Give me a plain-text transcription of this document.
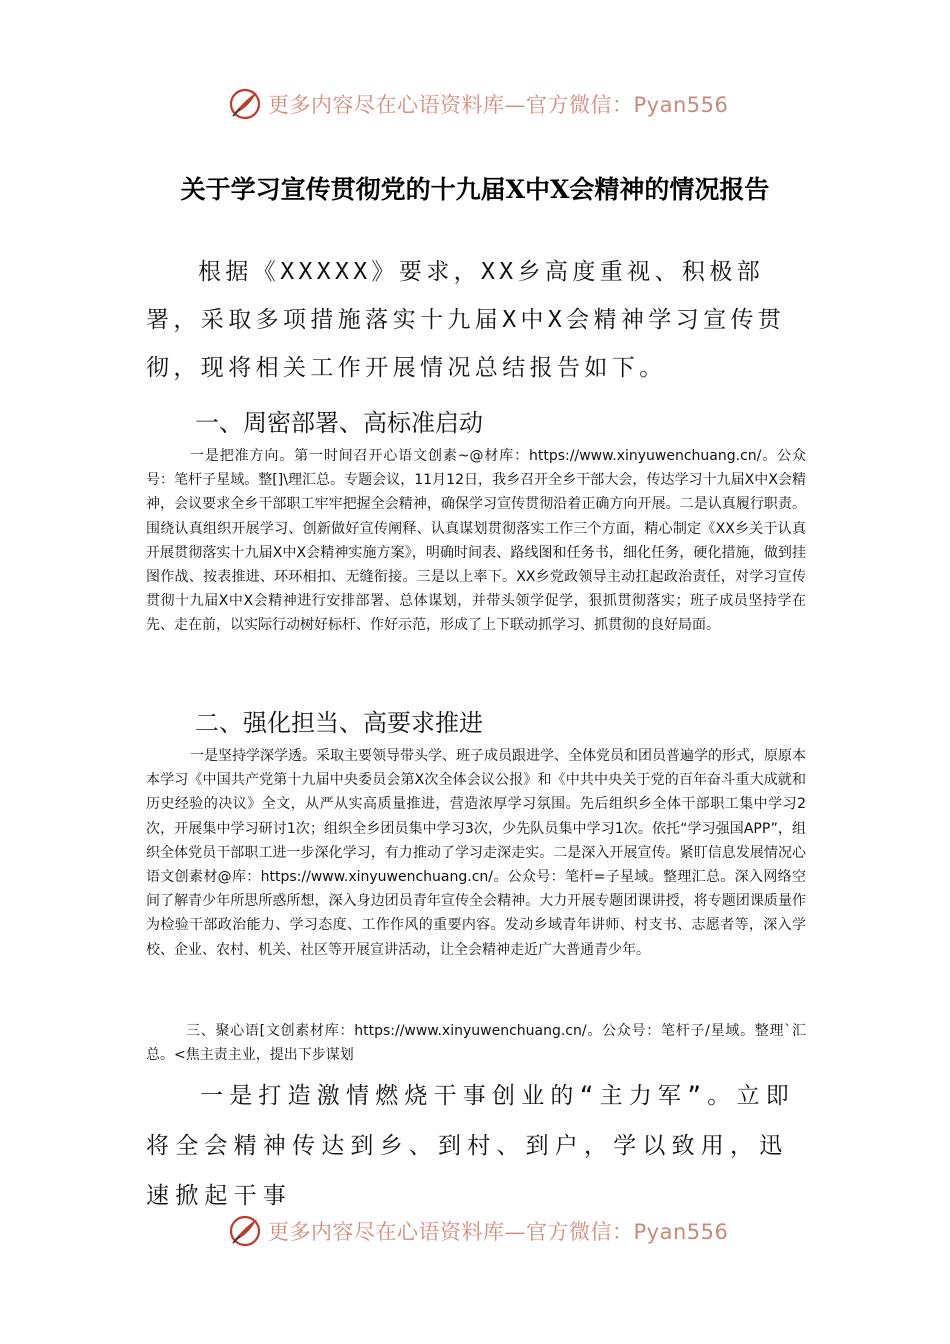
更多内容尽在心语资料库—官方微信：Pyan556
关于学习宣传贯彻党的十九届X中X会精神的情况报告
根据《XXXXX》要求，XX乡高度重视、积极部署，采取多项措施落实十九届X中X会精神学习宣传贯彻，现将相关工作开展情况总结报告如下。
一、周密部署、高标准启动
一是把准方向。第一时间召开心语文创素~@材库：https://www.xinyuwenchuang.cn/。公众号：笔杆子星域。整[]\理汇总。专题会议，11月12日，我乡召开全乡干部大会，传达学习十九届X中X会精神，会议要求全乡干部职工牢牢把握全会精神，确保学习宣传贯彻沿着正确方向开展。二是认真履行职责。围绕认真组织开展学习、创新做好宣传阐释、认真谋划贯彻落实工作三个方面，精心制定《XX乡关于认真开展贯彻落实十九届X中X会精神实施方案》，明确时间表、路线图和任务书，细化任务，硬化措施，做到挂图作战、按表推进、环环相扣、无缝衔接。三是以上率下。XX乡党政领导主动扛起政治责任，对学习宣传贯彻十九届X中X会精神进行安排部署、总体谋划，并带头领学促学，狠抓贯彻落实；班子成员坚持学在先、走在前，以实际行动树好标杆、作好示范，形成了上下联动抓学习、抓贯彻的良好局面。
二、强化担当、高要求推进
一是坚持学深学透。采取主要领导带头学、班子成员跟进学、全体党员和团员普遍学的形式，原原本本学习《中国共产党第十九届中央委员会第X次全体会议公报》和《中共中央关于党的百年奋斗重大成就和历史经验的决议》全文，从严从实高质量推进，营造浓厚学习氛围。先后组织乡全体干部职工集中学习2次，开展集中学习研讨1次；组织全乡团员集中学习3次，少先队员集中学习1次。依托“学习强国APP”，组织全体党员干部职工进一步深化学习，有力推动了学习走深走实。二是深入开展宣传。紧盯信息发展情况心语文创素材@库：https://www.xinyuwenchuang.cn/。公众号：笔杆=子星域。整理汇总。深入网络空间了解青少年所思所惑所想，深入身边团员青年宣传全会精神。大力开展专题团课讲授，将专题团课质量作为检验干部政治能力、学习态度、工作作风的重要内容。发动乡域青年讲师、村支书、志愿者等，深入学校、企业、农村、机关、社区等开展宣讲活动，让全会精神走近广大普通青少年。
三、聚心语[文创素材库：https://www.xinyuwenchuang.cn/。公众号：笔杆子/星域。整理`汇总。<焦主责主业，提出下步谋划
一是打造激情燃烧干事创业的“主力军”。立即将全会精神传达到乡、到村、到户，学以致用，迅速掀起干事
更多内容尽在心语资料库—官方微信：Pyan556
